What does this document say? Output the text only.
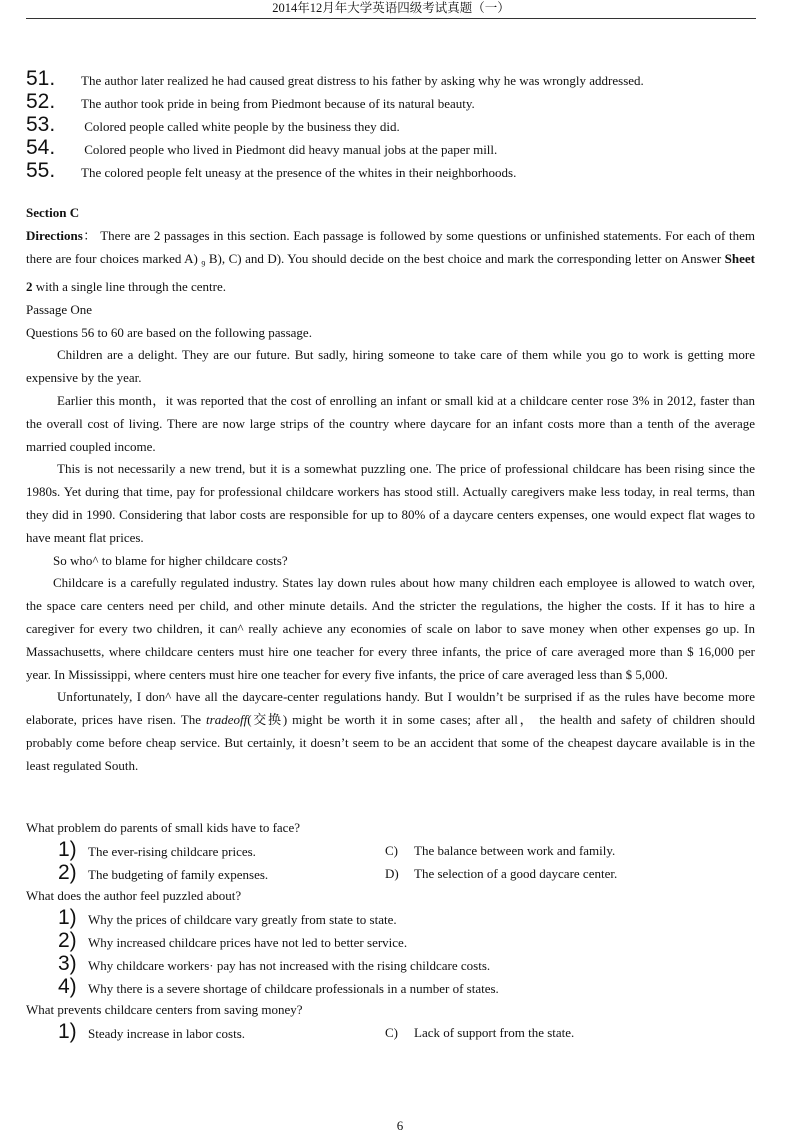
2014年12月年大学英语四级考试真题（一）
51. The author later realized he had caused great distress to his father by asking why he was wrongly addressed.
52. The author took pride in being from Piedmont because of its natural beauty.
53. Colored people called white people by the business they did.
54. Colored people who lived in Piedmont did heavy manual jobs at the paper mill.
55. The colored people felt uneasy at the presence of the whites in their neighborhoods.

Section C

Directions： There are 2 passages in this section. Each passage is followed by some questions or unfinished statements. For each of them there are four choices marked A) $_9$ B), C) and D). You should decide on the best choice and mark the corresponding letter on Answer Sheet 2 with a single line through the centre.

Passage One

Questions 56 to 60 are based on the following passage.

Children are a delight. They are our future. But sadly, hiring someone to take care of them while you go to work is getting more expensive by the year.

Earlier this month，it was reported that the cost of enrolling an infant or small kid at a childcare center rose 3% in 2012, faster than the overall cost of living. There are now large strips of the country where daycare for an infant costs more than a tenth of the average married coupled income.

This is not necessarily a new trend, but it is a somewhat puzzling one. The price of professional childcare has been rising since the 1980s. Yet during that time, pay for professional childcare workers has stood still. Actually caregivers make less today, in real terms, than they did in 1990. Considering that labor costs are responsible for up to 80% of a daycare centers expenses, one would expect flat wages to have meant flat prices.

So who^ to blame for higher childcare costs?

Childcare is a carefully regulated industry. States lay down rules about how many children each employee is allowed to watch over, the space care centers need per child, and other minute details. And the stricter the regulations, the higher the costs. If it has to hire a caregiver for every two children, it can^ really achieve any economies of scale on labor to save money when other expenses go up. In Massachusetts, where childcare centers must hire one teacher for every three infants, the price of care averaged more than $ 16,000 per year. In Mississippi, where centers must hire one teacher for every five infants, the price of care averaged less than $ 5,000.

Unfortunately, I don^ have all the daycare-center regulations handy. But I wouldn’t be surprised if as the rules have become more elaborate, prices have risen. The tradeoff(交换) might be worth it in some cases; after all， the health and safety of children should probably come before cheap service. But certainly, it doesn’t seem to be an accident that some of the cheapest daycare available is in the least regulated South.

What problem do parents of small kids have to face?
1) The ever-rising childcare prices.	C) The balance between work and family.
2) The budgeting of family expenses.	D) The selection of a good daycare center.
What does the author feel puzzled about?
1) Why the prices of childcare vary greatly from state to state.
2) Why increased childcare prices have not led to better service.
3) Why childcare workers· pay has not increased with the rising childcare costs.
4) Why there is a severe shortage of childcare professionals in a number of states.
What prevents childcare centers from saving money?
1) Steady increase in labor costs.	C) Lack of support from the state.
6
